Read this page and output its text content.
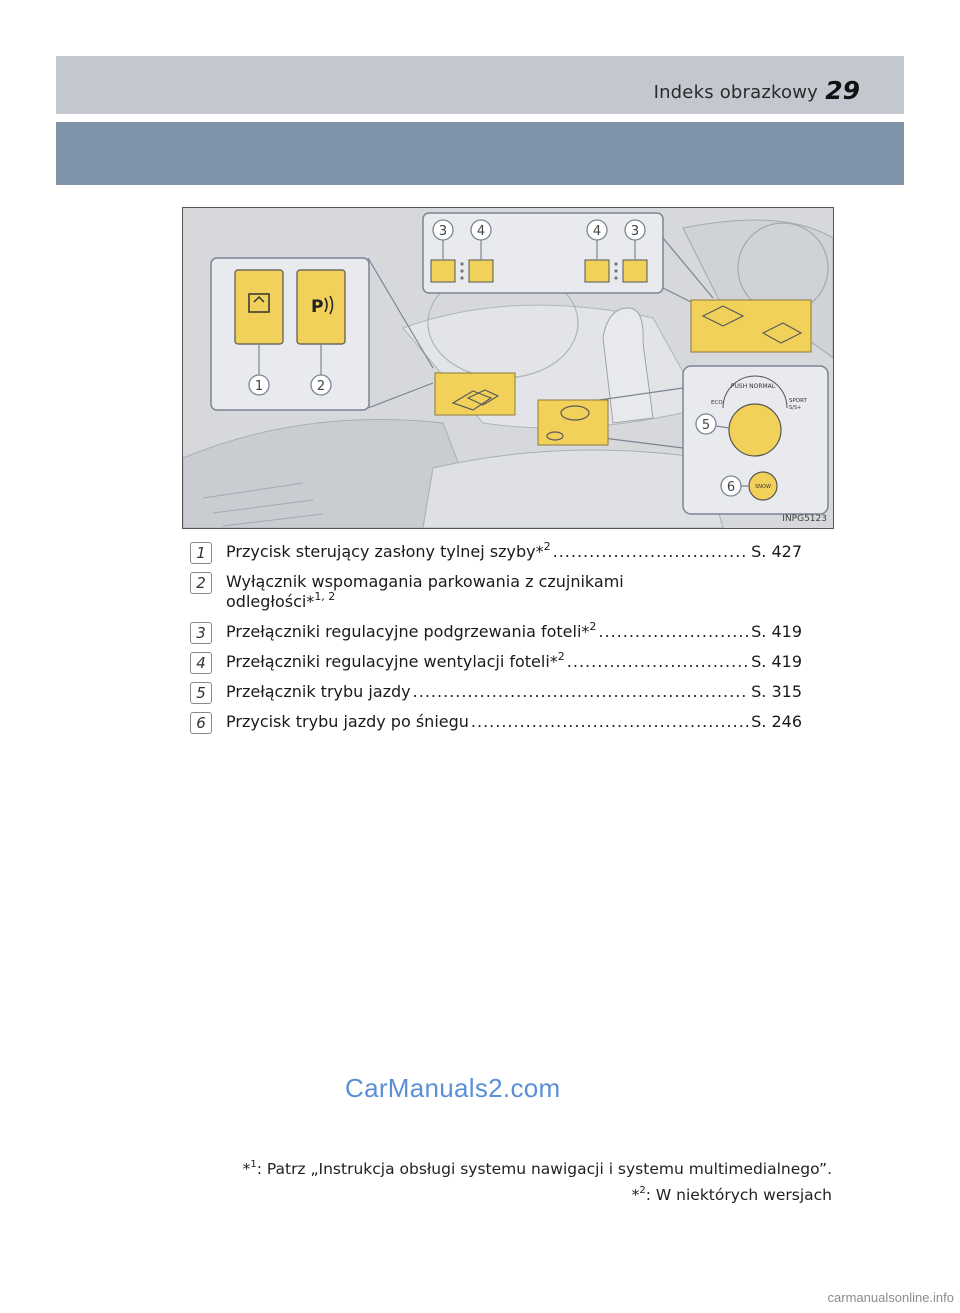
Indeks obrazkowy 29
P
PUSH NORMAL
ECO	SPORT
S/S+
SNOW
1	2
3 4	4 3
5
6
INPG5123
1	Przycisk sterujący zasłony tylnej szyby*$^2$ .....	S. 427
2	Wyłącznik wspomagania parkowania z czujnikami
odległości*$^{1, 2}$
3	Przełączniki regulacyjne podgrzewania foteli*$^2$ .....	S. 419
4	Przełączniki regulacyjne wentylacji foteli*$^2$ .....	S. 419
5	Przełącznik trybu jazdy .....	S. 315
6	Przycisk trybu jazdy po śniegu .....	S. 246
CarManuals2.com
*$^1$: Patrz „Instrukcja obsługi systemu nawigacji i systemu multimedialnego”.
*$^2$: W niektórych wersjach
carmanualsonline.info
